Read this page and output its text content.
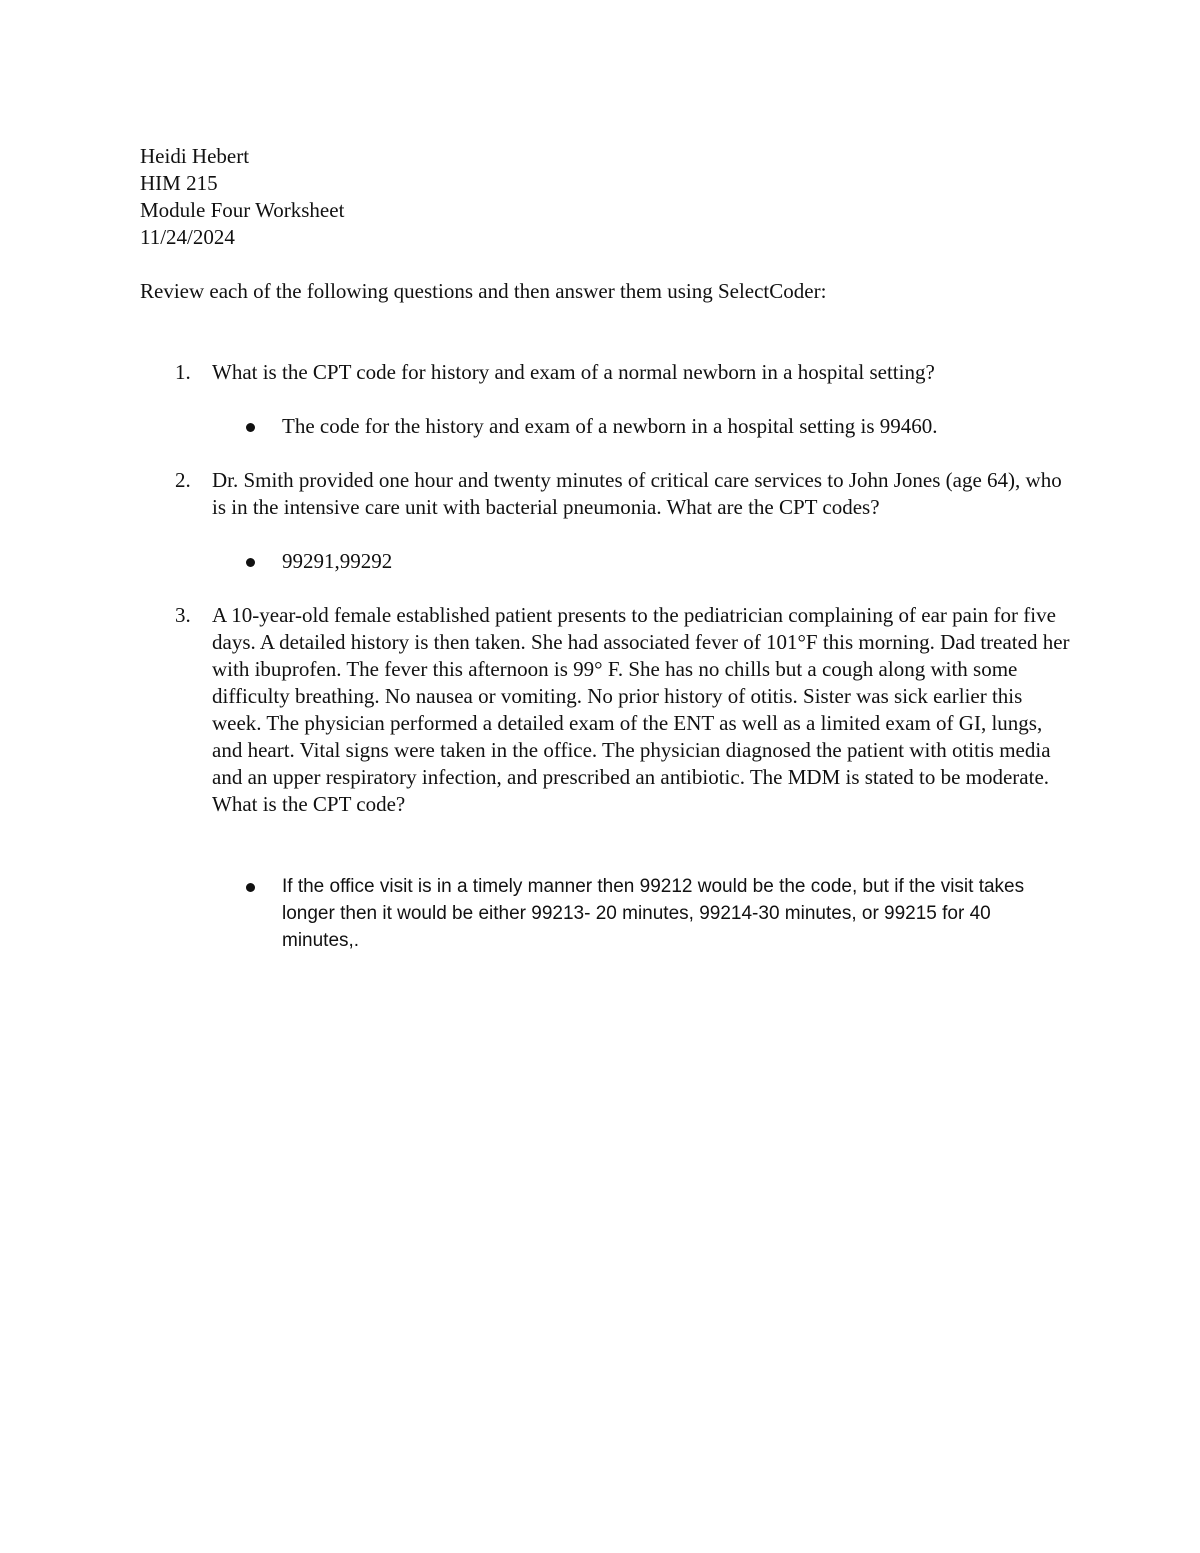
Heidi Hebert
HIM 215
Module Four Worksheet
11/24/2024
Review each of the following questions and then answer them using SelectCoder:
1.	What is the CPT code for history and exam of a normal newborn in a hospital setting?
The code for the history and exam of a newborn in a hospital setting is 99460.
2.	Dr. Smith provided one hour and twenty minutes of critical care services to John Jones (age 64), who is in the intensive care unit with bacterial pneumonia. What are the CPT codes?
99291,99292
3.	A 10-year-old female established patient presents to the pediatrician complaining of ear pain for five days. A detailed history is then taken. She had associated fever of 101°F this morning. Dad treated her with ibuprofen. The fever this afternoon is 99° F. She has no chills but a cough along with some difficulty breathing. No nausea or vomiting. No prior history of otitis. Sister was sick earlier this week. The physician performed a detailed exam of the ENT as well as a limited exam of GI, lungs, and heart. Vital signs were taken in the office. The physician diagnosed the patient with otitis media and an upper respiratory infection, and prescribed an antibiotic. The MDM is stated to be moderate. What is the CPT code?
If the office visit is in a timely manner then 99212 would be the code, but if the visit takes longer then it would be either 99213- 20 minutes, 99214-30 minutes, or 99215 for 40 minutes,.
